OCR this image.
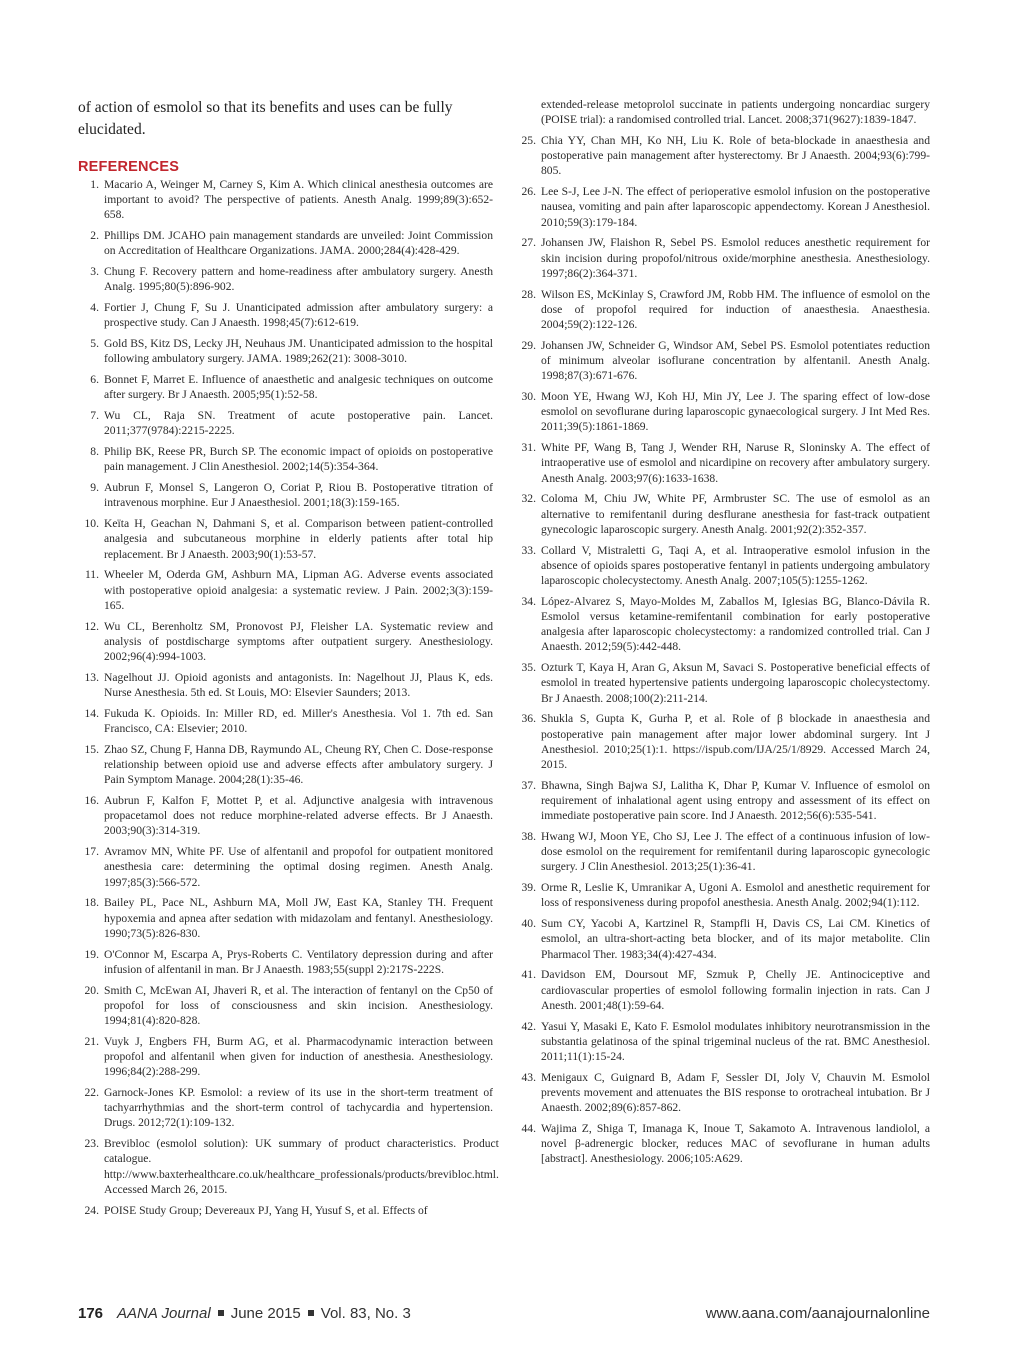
of action of esmolol so that its benefits and uses can be fully elucidated.

REFERENCES
1. Macario A, Weinger M, Carney S, Kim A. Which clinical anesthesia outcomes are important to avoid? The perspective of patients. Anesth Analg. 1999;89(3):652-658.
2. Phillips DM. JCAHO pain management standards are unveiled: Joint Commission on Accreditation of Healthcare Organizations. JAMA. 2000;284(4):428-429.
3. Chung F. Recovery pattern and home-readiness after ambulatory surgery. Anesth Analg. 1995;80(5):896-902.
4. Fortier J, Chung F, Su J. Unanticipated admission after ambulatory surgery: a prospective study. Can J Anaesth. 1998;45(7):612-619.
5. Gold BS, Kitz DS, Lecky JH, Neuhaus JM. Unanticipated admission to the hospital following ambulatory surgery. JAMA. 1989;262(21): 3008-3010.
6. Bonnet F, Marret E. Influence of anaesthetic and analgesic techniques on outcome after surgery. Br J Anaesth. 2005;95(1):52-58.
7. Wu CL, Raja SN. Treatment of acute postoperative pain. Lancet. 2011;377(9784):2215-2225.
8. Philip BK, Reese PR, Burch SP. The economic impact of opioids on postoperative pain management. J Clin Anesthesiol. 2002;14(5):354-364.
9. Aubrun F, Monsel S, Langeron O, Coriat P, Riou B. Postoperative titration of intravenous morphine. Eur J Anaesthesiol. 2001;18(3):159-165.
10. Keïta H, Geachan N, Dahmani S, et al. Comparison between patient-controlled analgesia and subcutaneous morphine in elderly patients after total hip replacement. Br J Anaesth. 2003;90(1):53-57.
11. Wheeler M, Oderda GM, Ashburn MA, Lipman AG. Adverse events associated with postoperative opioid analgesia: a systematic review. J Pain. 2002;3(3):159-165.
12. Wu CL, Berenholtz SM, Pronovost PJ, Fleisher LA. Systematic review and analysis of postdischarge symptoms after outpatient surgery. Anesthesiology. 2002;96(4):994-1003.
13. Nagelhout JJ. Opioid agonists and antagonists. In: Nagelhout JJ, Plaus K, eds. Nurse Anesthesia. 5th ed. St Louis, MO: Elsevier Saunders; 2013.
14. Fukuda K. Opioids. In: Miller RD, ed. Miller's Anesthesia. Vol 1. 7th ed. San Francisco, CA: Elsevier; 2010.
15. Zhao SZ, Chung F, Hanna DB, Raymundo AL, Cheung RY, Chen C. Dose-response relationship between opioid use and adverse effects after ambulatory surgery. J Pain Symptom Manage. 2004;28(1):35-46.
16. Aubrun F, Kalfon F, Mottet P, et al. Adjunctive analgesia with intravenous propacetamol does not reduce morphine-related adverse effects. Br J Anaesth. 2003;90(3):314-319.
17. Avramov MN, White PF. Use of alfentanil and propofol for outpatient monitored anesthesia care: determining the optimal dosing regimen. Anesth Analg. 1997;85(3):566-572.
18. Bailey PL, Pace NL, Ashburn MA, Moll JW, East KA, Stanley TH. Frequent hypoxemia and apnea after sedation with midazolam and fentanyl. Anesthesiology. 1990;73(5):826-830.
19. O'Connor M, Escarpa A, Prys-Roberts C. Ventilatory depression during and after infusion of alfentanil in man. Br J Anaesth. 1983;55(suppl 2):217S-222S.
20. Smith C, McEwan AI, Jhaveri R, et al. The interaction of fentanyl on the Cp50 of propofol for loss of consciousness and skin incision. Anesthesiology. 1994;81(4):820-828.
21. Vuyk J, Engbers FH, Burm AG, et al. Pharmacodynamic interaction between propofol and alfentanil when given for induction of anesthesia. Anesthesiology. 1996;84(2):288-299.
22. Garnock-Jones KP. Esmolol: a review of its use in the short-term treatment of tachyarrhythmias and the short-term control of tachycardia and hypertension. Drugs. 2012;72(1):109-132.
23. Brevibloc (esmolol solution): UK summary of product characteristics. Product catalogue. http://www.baxterhealthcare.co.uk/healthcare_professionals/products/brevibloc.html. Accessed March 26, 2015.
24. POISE Study Group; Devereaux PJ, Yang H, Yusuf S, et al. Effects of
extended-release metoprolol succinate in patients undergoing noncardiac surgery (POISE trial): a randomised controlled trial. Lancet. 2008;371(9627):1839-1847.
25. Chia YY, Chan MH, Ko NH, Liu K. Role of beta-blockade in anaesthesia and postoperative pain management after hysterectomy. Br J Anaesth. 2004;93(6):799-805.
26. Lee S-J, Lee J-N. The effect of perioperative esmolol infusion on the postoperative nausea, vomiting and pain after laparoscopic appendectomy. Korean J Anesthesiol. 2010;59(3):179-184.
27. Johansen JW, Flaishon R, Sebel PS. Esmolol reduces anesthetic requirement for skin incision during propofol/nitrous oxide/morphine anesthesia. Anesthesiology. 1997;86(2):364-371.
28. Wilson ES, McKinlay S, Crawford JM, Robb HM. The influence of esmolol on the dose of propofol required for induction of anaesthesia. Anaesthesia. 2004;59(2):122-126.
29. Johansen JW, Schneider G, Windsor AM, Sebel PS. Esmolol potentiates reduction of minimum alveolar isoflurane concentration by alfentanil. Anesth Analg. 1998;87(3):671-676.
30. Moon YE, Hwang WJ, Koh HJ, Min JY, Lee J. The sparing effect of low-dose esmolol on sevoflurane during laparoscopic gynaecological surgery. J Int Med Res. 2011;39(5):1861-1869.
31. White PF, Wang B, Tang J, Wender RH, Naruse R, Sloninsky A. The effect of intraoperative use of esmolol and nicardipine on recovery after ambulatory surgery. Anesth Analg. 2003;97(6):1633-1638.
32. Coloma M, Chiu JW, White PF, Armbruster SC. The use of esmolol as an alternative to remifentanil during desflurane anesthesia for fast-track outpatient gynecologic laparoscopic surgery. Anesth Analg. 2001;92(2):352-357.
33. Collard V, Mistraletti G, Taqi A, et al. Intraoperative esmolol infusion in the absence of opioids spares postoperative fentanyl in patients undergoing ambulatory laparoscopic cholecystectomy. Anesth Analg. 2007;105(5):1255-1262.
34. López-Alvarez S, Mayo-Moldes M, Zaballos M, Iglesias BG, Blanco-Dávila R. Esmolol versus ketamine-remifentanil combination for early postoperative analgesia after laparoscopic cholecystectomy: a randomized controlled trial. Can J Anaesth. 2012;59(5):442-448.
35. Ozturk T, Kaya H, Aran G, Aksun M, Savaci S. Postoperative beneficial effects of esmolol in treated hypertensive patients undergoing laparoscopic cholecystectomy. Br J Anaesth. 2008;100(2):211-214.
36. Shukla S, Gupta K, Gurha P, et al. Role of β blockade in anaesthesia and postoperative pain management after major lower abdominal surgery. Int J Anesthesiol. 2010;25(1):1. https://ispub.com/IJA/25/1/8929. Accessed March 24, 2015.
37. Bhawna, Singh Bajwa SJ, Lalitha K, Dhar P, Kumar V. Influence of esmolol on requirement of inhalational agent using entropy and assessment of its effect on immediate postoperative pain score. Ind J Anaesth. 2012;56(6):535-541.
38. Hwang WJ, Moon YE, Cho SJ, Lee J. The effect of a continuous infusion of low-dose esmolol on the requirement for remifentanil during laparoscopic gynecologic surgery. J Clin Anesthesiol. 2013;25(1):36-41.
39. Orme R, Leslie K, Umranikar A, Ugoni A. Esmolol and anesthetic requirement for loss of responsiveness during propofol anesthesia. Anesth Analg. 2002;94(1):112.
40. Sum CY, Yacobi A, Kartzinel R, Stampfli H, Davis CS, Lai CM. Kinetics of esmolol, an ultra-short-acting beta blocker, and of its major metabolite. Clin Pharmacol Ther. 1983;34(4):427-434.
41. Davidson EM, Doursout MF, Szmuk P, Chelly JE. Antinociceptive and cardiovascular properties of esmolol following formalin injection in rats. Can J Anesth. 2001;48(1):59-64.
42. Yasui Y, Masaki E, Kato F. Esmolol modulates inhibitory neurotransmission in the substantia gelatinosa of the spinal trigeminal nucleus of the rat. BMC Anesthesiol. 2011;11(1):15-24.
43. Menigaux C, Guignard B, Adam F, Sessler DI, Joly V, Chauvin M. Esmolol prevents movement and attenuates the BIS response to orotracheal intubation. Br J Anaesth. 2002;89(6):857-862.
44. Wajima Z, Shiga T, Imanaga K, Inoue T, Sakamoto A. Intravenous landiolol, a novel β-adrenergic blocker, reduces MAC of sevoflurane in human adults [abstract]. Anesthesiology. 2006;105:A629.
176 AANA Journal June 2015 Vol. 83, No. 3	www.aana.com/aanajournalonline
